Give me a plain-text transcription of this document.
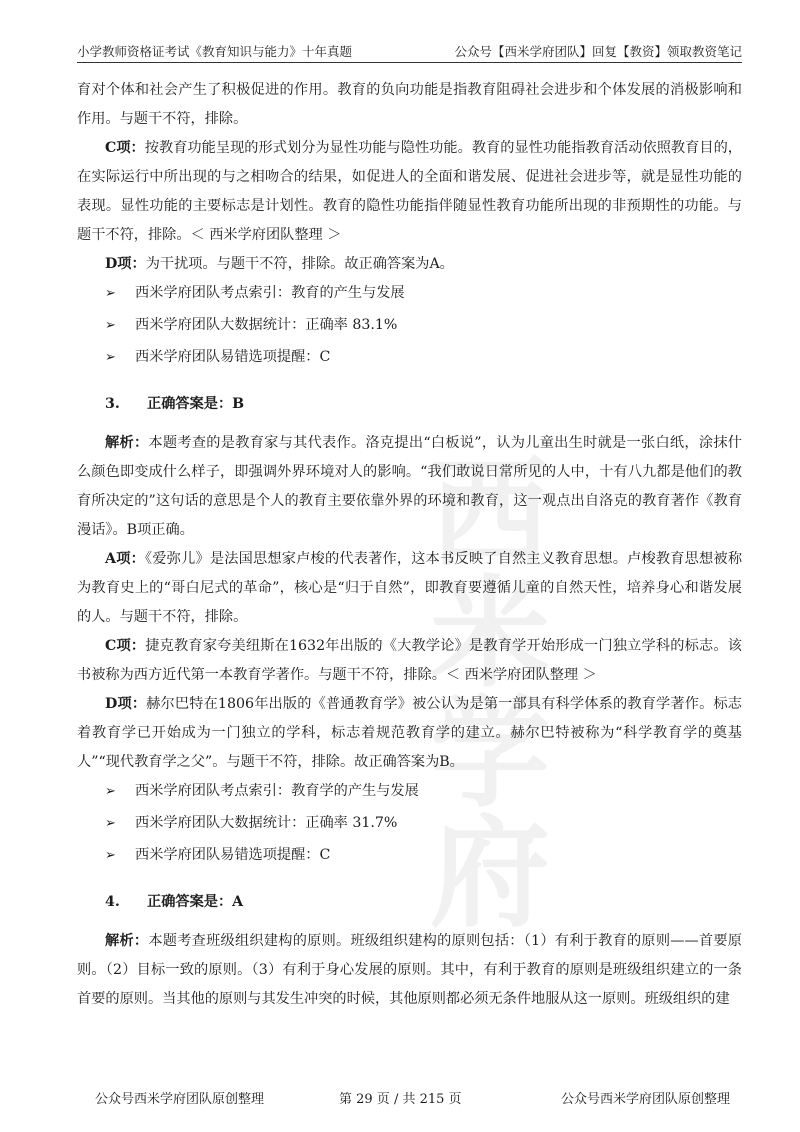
小学教师资格证考试《教育知识与能力》十年真题	公众号【西米学府团队】回复【教资】领取教资笔记
西米学府

育对个体和社会产生了积极促进的作用。教育的负向功能是指教育阻碍社会进步和个体发展的消极影响和作用。与题干不符，排除。

C项：按教育功能呈现的形式划分为显性功能与隐性功能。教育的显性功能指教育活动依照教育目的，在实际运行中所出现的与之相吻合的结果，如促进人的全面和谐发展、促进社会进步等，就是显性功能的表现。显性功能的主要标志是计划性。教育的隐性功能指伴随显性教育功能所出现的非预期性的功能。与题干不符，排除。＜ 西米学府团队整理 ＞

D项：为干扰项。与题干不符，排除。故正确答案为A。

➢ 西米学府团队考点索引：教育的产生与发展

➢ 西米学府团队大数据统计：正确率 83.1%

➢ 西米学府团队易错选项提醒：C

3. 正确答案是：B

解析：本题考查的是教育家与其代表作。洛克提出“白板说”，认为儿童出生时就是一张白纸，涂抹什么颜色即变成什么样子，即强调外界环境对人的影响。“我们敢说日常所见的人中，十有八九都是他们的教育所决定的”这句话的意思是个人的教育主要依靠外界的环境和教育，这一观点出自洛克的教育著作《教育漫话》。B项正确。

A项：《爱弥儿》是法国思想家卢梭的代表著作，这本书反映了自然主义教育思想。卢梭教育思想被称为教育史上的“哥白尼式的革命”，核心是“归于自然”，即教育要遵循儿童的自然天性，培养身心和谐发展的人。与题干不符，排除。

C项：捷克教育家夸美纽斯在1632年出版的《大教学论》是教育学开始形成一门独立学科的标志。该书被称为西方近代第一本教育学著作。与题干不符，排除。＜ 西米学府团队整理 ＞

D项：赫尔巴特在1806年出版的《普通教育学》被公认为是第一部具有科学体系的教育学著作。标志着教育学已开始成为一门独立的学科，标志着规范教育学的建立。赫尔巴特被称为“科学教育学的奠基人”“现代教育学之父”。与题干不符，排除。故正确答案为B。

➢ 西米学府团队考点索引：教育学的产生与发展

➢ 西米学府团队大数据统计：正确率 31.7%

➢ 西米学府团队易错选项提醒：C

4. 正确答案是：A

解析：本题考查班级组织建构的原则。班级组织建构的原则包括：（1）有利于教育的原则——首要原则。（2）目标一致的原则。（3）有利于身心发展的原则。其中，有利于教育的原则是班级组织建立的一条首要的原则。当其他的原则与其发生冲突的时候，其他原则都必须无条件地服从这一原则。班级组织的建

公众号西米学府团队原创整理	第 29 页 / 共 215 页	公众号西米学府团队原创整理
